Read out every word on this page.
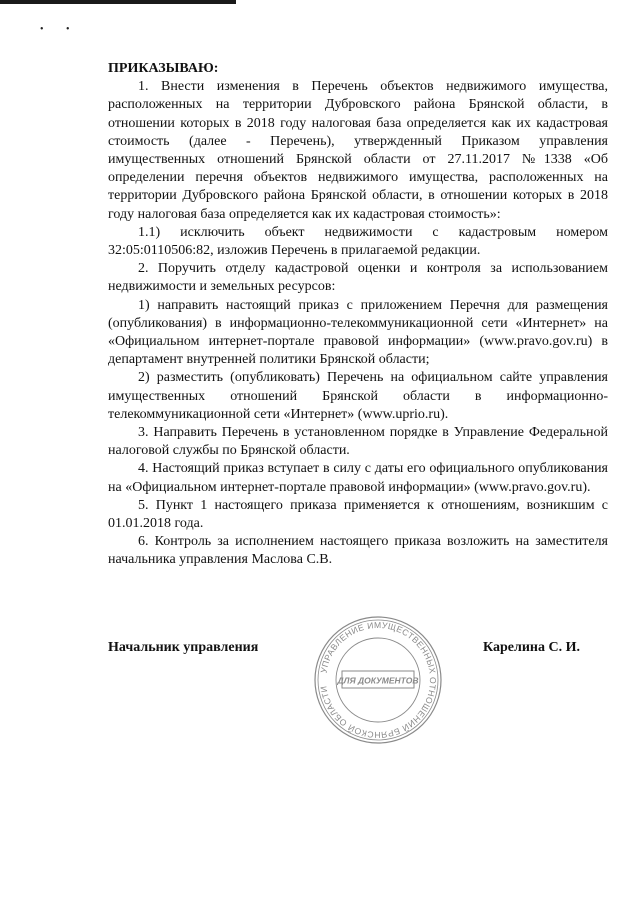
•         •

ПРИКАЗЫВАЮ:

1. Внести изменения в Перечень объектов недвижимого имущества, расположенных на территории Дубровского района Брянской области, в отношении которых в 2018 году налоговая база определяется как их кадастровая стоимость (далее - Перечень), утвержденный Приказом управления имущественных отношений Брянской области от 27.11.2017 №1338 «Об определении перечня объектов недвижимого имущества, расположенных на территории Дубровского района Брянской области, в отношении которых в 2018 году налоговая база определяется как их кадастровая стоимость»:

1.1) исключить объект недвижимости с кадастровым номером 32:05:0110506:82, изложив Перечень в прилагаемой редакции.

2. Поручить отделу кадастровой оценки и контроля за использованием недвижимости и земельных ресурсов:

1) направить настоящий приказ с приложением Перечня для размещения (опубликования) в информационно-телекоммуникационной сети «Интернет» на «Официальном интернет-портале правовой информации» (www.pravo.gov.ru) в департамент внутренней политики Брянской области;

2) разместить (опубликовать) Перечень на официальном сайте управления имущественных отношений Брянской области в информационно-телекоммуникационной сети «Интернет» (www.uprio.ru).

3. Направить Перечень в установленном порядке в Управление Федеральной налоговой службы по Брянской области.

4. Настоящий приказ вступает в силу с даты его официального опубликования на «Официальном интернет-портале правовой информации» (www.pravo.gov.ru).

5. Пункт 1 настоящего приказа применяется к отношениям, возникшим с 01.01.2018 года.

6. Контроль за исполнением настоящего приказа возложить на заместителя начальника управления Маслова С.В.

Начальник управления	Карелина С. И.
УПРАВЛЕНИЕ ИМУЩЕСТВЕННЫХ ОТНОШЕНИЙ БРЯНСКОЙ ОБЛАСТИ
ДЛЯ ДОКУМЕНТОВ
